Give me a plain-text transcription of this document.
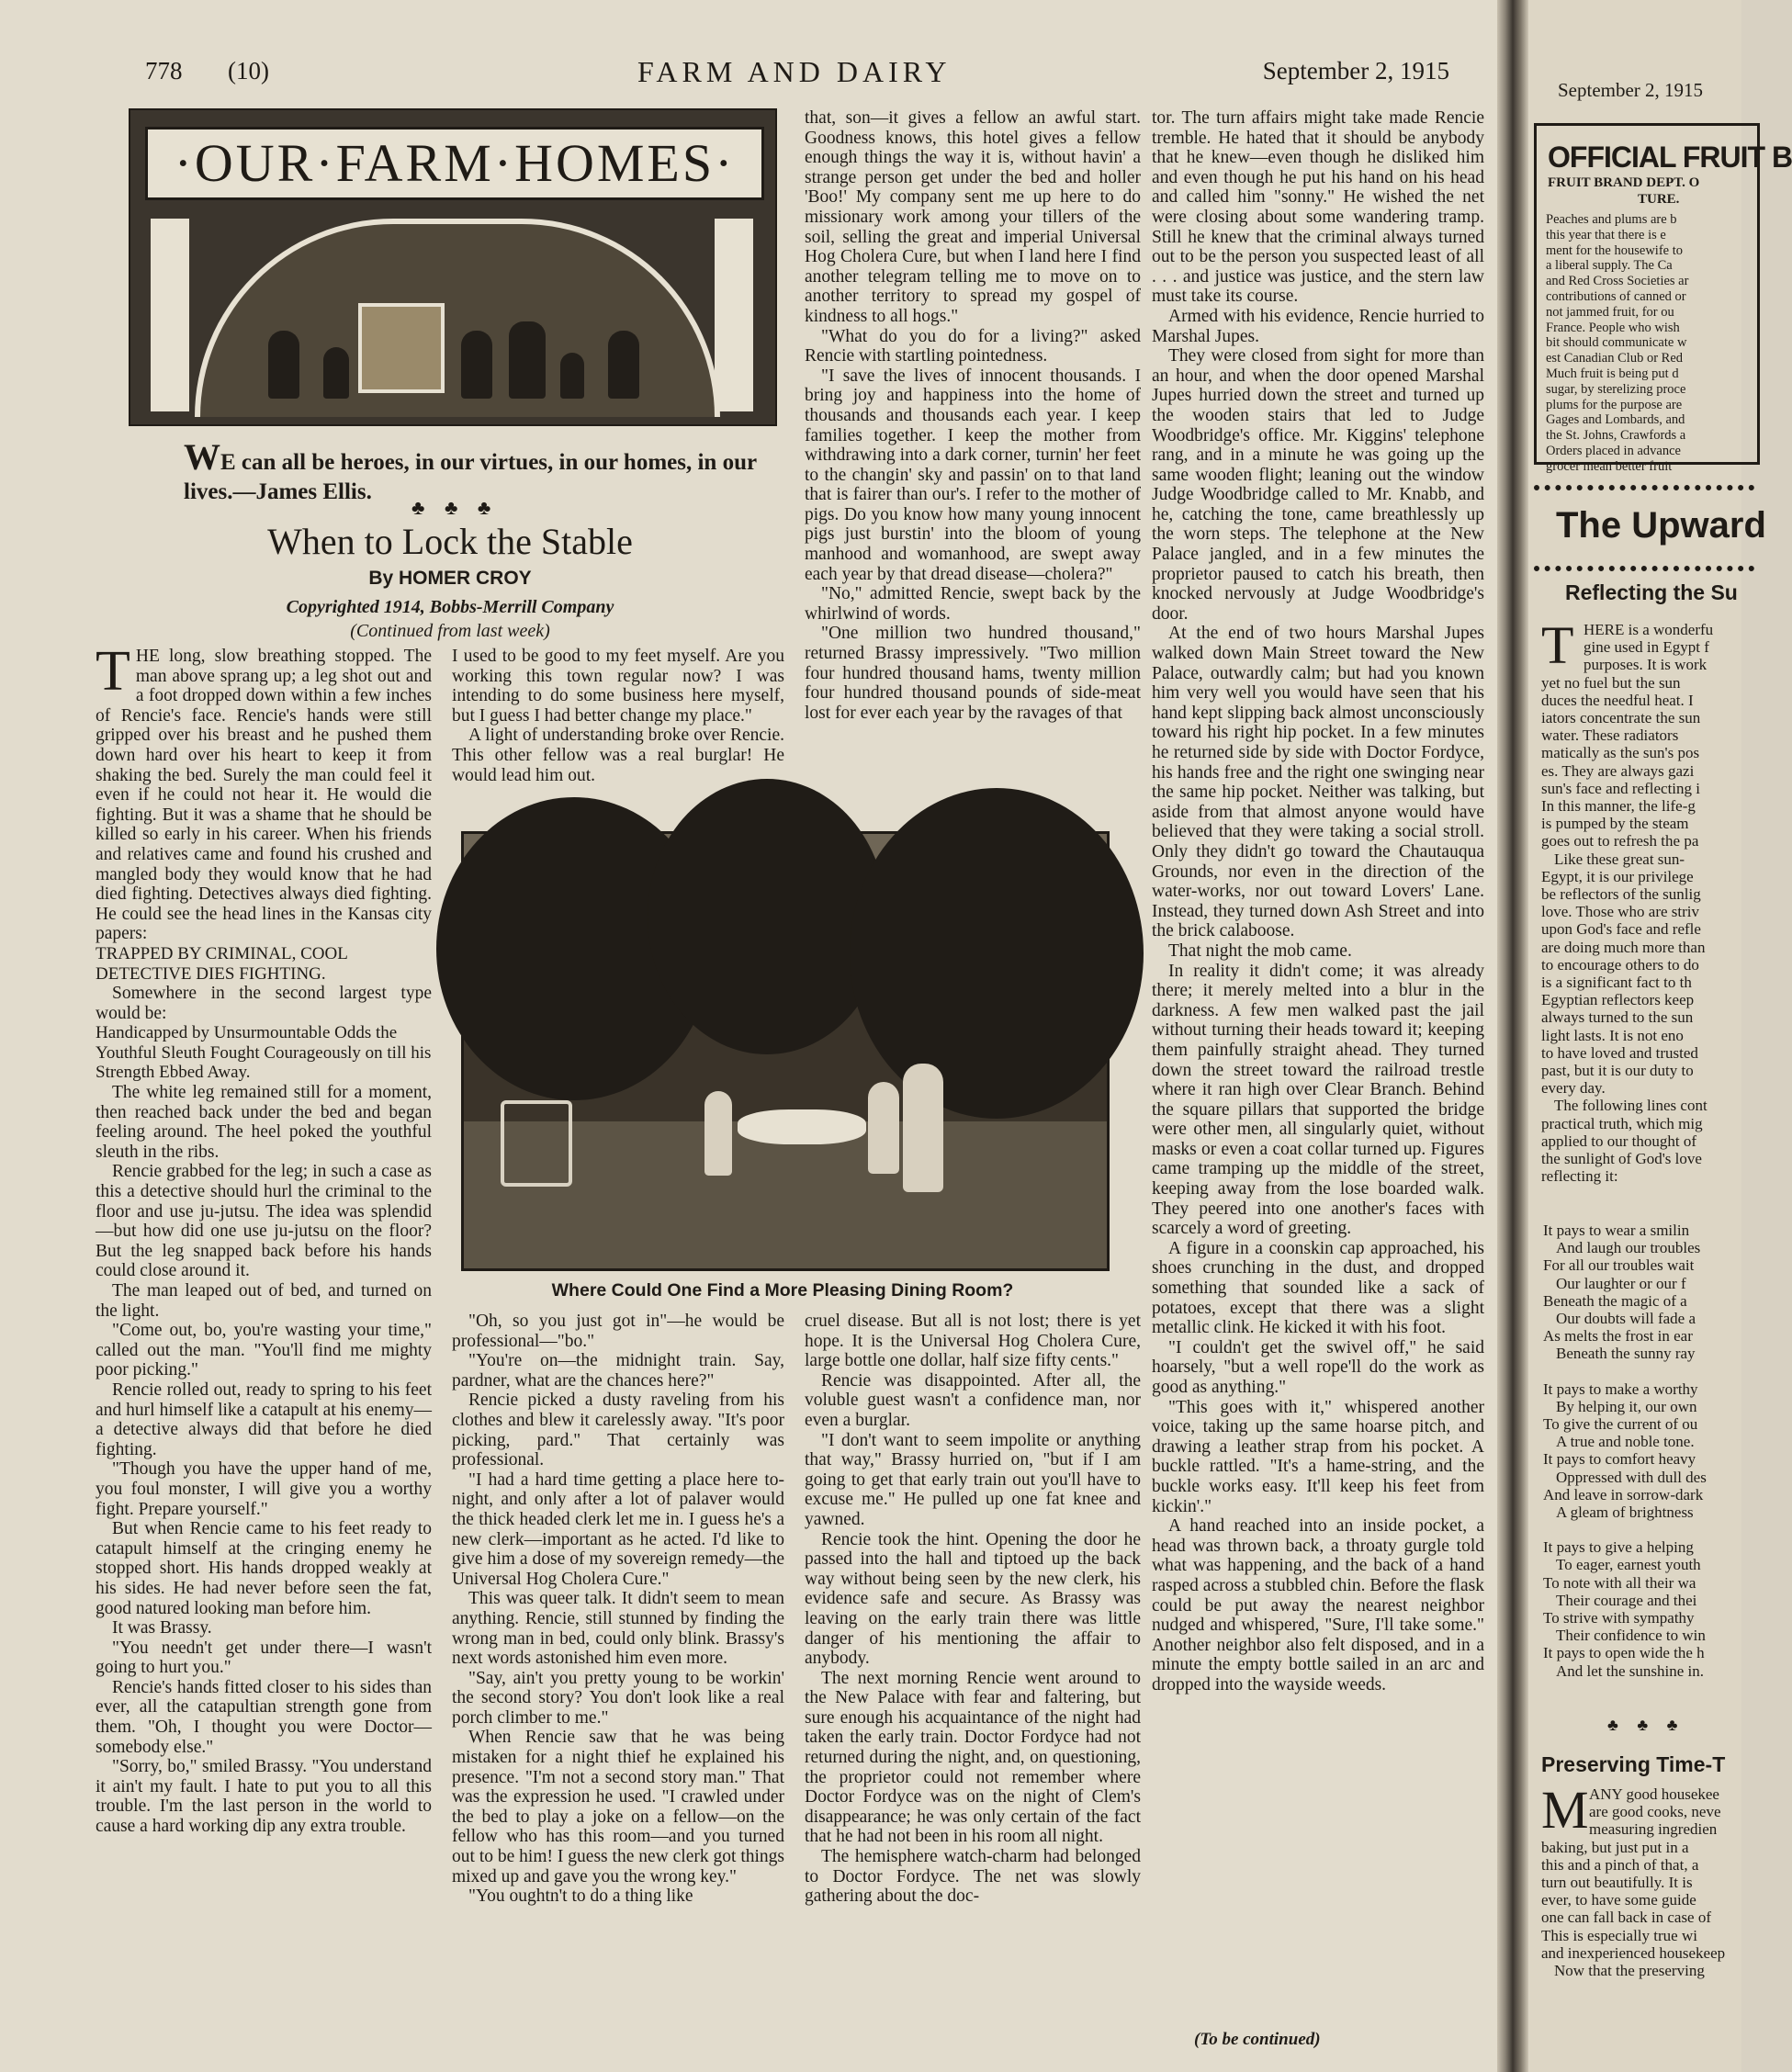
778 (10)	FARM AND DAIRY	September 2, 1915
·OUR·FARM·HOMES·
WE can all be heroes, in our virtues, in our homes, in our lives.—James Ellis.
♣ ♣ ♣
When to Lock the Stable
By HOMER CROY
Copyrighted 1914, Bobbs-Merrill Company
(Continued from last week)
T HE long, slow breathing stopped. The man above sprang up; a leg shot out and a foot dropped down within a few inches of Rencie's face. Rencie's hands were still gripped over his breast and he pushed them down hard over his heart to keep it from shaking the bed. Surely the man could feel it even if he could not hear it. He would die fighting. But it was a shame that he should be killed so early in his career. When his friends and relatives came and found his crushed and mangled body they would know that he had died fighting. Detectives always died fighting. He could see the head lines in the Kansas city papers:

TRAPPED BY CRIMINAL, COOL DETECTIVE DIES FIGHTING.

Somewhere in the second largest type would be:

Handicapped by Unsurmountable Odds the Youthful Sleuth Fought Courageously on till his Strength Ebbed Away.

The white leg remained still for a moment, then reached back under the bed and began feeling around. The heel poked the youthful sleuth in the ribs.

Rencie grabbed for the leg; in such a case as this a detective should hurl the criminal to the floor and use ju-jutsu. The idea was splendid—but how did one use ju-jutsu on the floor? But the leg snapped back before his hands could close around it.

The man leaped out of bed, and turned on the light.

"Come out, bo, you're wasting your time," called out the man. "You'll find me mighty poor picking."

Rencie rolled out, ready to spring to his feet and hurl himself like a catapult at his enemy—a detective always did that before he died fighting.

"Though you have the upper hand of me, you foul monster, I will give you a worthy fight. Prepare yourself."

But when Rencie came to his feet ready to catapult himself at the cringing enemy he stopped short. His hands dropped weakly at his sides. He had never before seen the fat, good natured looking man before him.

It was Brassy.

"You needn't get under there—I wasn't going to hurt you."

Rencie's hands fitted closer to his sides than ever, all the catapultian strength gone from them. "Oh, I thought you were Doctor—somebody else."

"Sorry, bo," smiled Brassy. "You understand it ain't my fault. I hate to put you to all this trouble. I'm the last person in the world to cause a hard working dip any extra trouble.

I used to be good to my feet myself. Are you working this town regular now? I was intending to do some business here myself, but I guess I had better change my place."

A light of understanding broke over Rencie. This other fellow was a real burglar! He would lead him out.

that, son—it gives a fellow an awful start. Goodness knows, this hotel gives a fellow enough things the way it is, without havin' a strange person get under the bed and holler 'Boo!' My company sent me up here to do missionary work among your tillers of the soil, selling the great and imperial Universal Hog Cholera Cure, but when I land here I find another telegram telling me to move on to another territory to spread my gospel of kindness to all hogs."

"What do you do for a living?" asked Rencie with startling pointedness.

"I save the lives of innocent thousands. I bring joy and happiness into the home of thousands and thousands each year. I keep families together. I keep the mother from withdrawing into a dark corner, turnin' her feet to the changin' sky and passin' on to that land that is fairer than our's. I refer to the mother of pigs. Do you know how many young innocent pigs just burstin' into the bloom of young manhood and womanhood, are swept away each year by that dread disease—cholera?"

"No," admitted Rencie, swept back by the whirlwind of words.

"One million two hundred thousand," returned Brassy impressively. "Two million four hundred thousand hams, twenty million four hundred thousand pounds of side-meat lost for ever each year by the ravages of that

Where Could One Find a More Pleasing Dining Room?

"Oh, so you just got in"—he would be professional—"bo."

"You're on—the midnight train. Say, pardner, what are the chances here?"

Rencie picked a dusty raveling from his clothes and blew it carelessly away. "It's poor picking, pard." That certainly was professional.

"I had a hard time getting a place here to-night, and only after a lot of palaver would the thick headed clerk let me in. I guess he's a new clerk—important as he acted. I'd like to give him a dose of my sovereign remedy—the Universal Hog Cholera Cure."

This was queer talk. It didn't seem to mean anything. Rencie, still stunned by finding the wrong man in bed, could only blink. Brassy's next words astonished him even more.

"Say, ain't you pretty young to be workin' the second story? You don't look like a real porch climber to me."

When Rencie saw that he was being mistaken for a night thief he explained his presence. "I'm not a second story man." That was the expression he used. "I crawled under the bed to play a joke on a fellow—on the fellow who has this room—and you turned out to be him! I guess the new clerk got things mixed up and gave you the wrong key."

"You oughtn't to do a thing like

cruel disease. But all is not lost; there is yet hope. It is the Universal Hog Cholera Cure, large bottle one dollar, half size fifty cents."

Rencie was disappointed. After all, the voluble guest wasn't a confidence man, nor even a burglar.

"I don't want to seem impolite or anything that way," Brassy hurried on, "but if I am going to get that early train out you'll have to excuse me." He pulled up one fat knee and yawned.

Rencie took the hint. Opening the door he passed into the hall and tiptoed up the back way without being seen by the new clerk, his evidence safe and secure. As Brassy was leaving on the early train there was little danger of his mentioning the affair to anybody.

The next morning Rencie went around to the New Palace with fear and faltering, but sure enough his acquaintance of the night had taken the early train. Doctor Fordyce had not returned during the night, and, on questioning, the proprietor could not remember where Doctor Fordyce was on the night of Clem's disappearance; he was only certain of the fact that he had not been in his room all night.

The hemisphere watch-charm had belonged to Doctor Fordyce. The net was slowly gathering about the doc-

tor. The turn affairs might take made Rencie tremble. He hated that it should be anybody that he knew—even though he disliked him and even though he put his hand on his head and called him "sonny." He wished the net were closing about some wandering tramp. Still he knew that the criminal always turned out to be the person you suspected least of all . . . and justice was justice, and the stern law must take its course.

Armed with his evidence, Rencie hurried to Marshal Jupes.

They were closed from sight for more than an hour, and when the door opened Marshal Jupes hurried down the street and turned up the wooden stairs that led to Judge Woodbridge's office. Mr. Kiggins' telephone rang, and in a minute he was going up the same wooden flight; leaning out the window Judge Woodbridge called to Mr. Knabb, and he, catching the tone, came breathlessly up the worn steps. The telephone at the New Palace jangled, and in a few minutes the proprietor paused to catch his breath, then knocked nervously at Judge Woodbridge's door.

At the end of two hours Marshal Jupes walked down Main Street toward the New Palace, outwardly calm; but had you known him very well you would have seen that his hand kept slipping back almost unconsciously toward his right hip pocket. In a few minutes he returned side by side with Doctor Fordyce, his hands free and the right one swinging near the same hip pocket. Neither was talking, but aside from that almost anyone would have believed that they were taking a social stroll. Only they didn't go toward the Chautauqua Grounds, nor even in the direction of the water-works, nor out toward Lovers' Lane. Instead, they turned down Ash Street and into the brick calaboose.

That night the mob came.

In reality it didn't come; it was already there; it merely melted into a blur in the darkness. A few men walked past the jail without turning their heads toward it; keeping them painfully straight ahead. They turned down the street toward the railroad trestle where it ran high over Clear Branch. Behind the square pillars that supported the bridge were other men, all singularly quiet, without masks or even a coat collar turned up. Figures came tramping up the middle of the street, keeping away from the lose boarded walk. They peered into one another's faces with scarcely a word of greeting.

A figure in a coonskin cap approached, his shoes crunching in the dust, and dropped something that sounded like a sack of potatoes, except that there was a slight metallic clink. He kicked it with his foot.

"I couldn't get the swivel off," he said hoarsely, "but a well rope'll do the work as good as anything."

"This goes with it," whispered another voice, taking up the same hoarse pitch, and drawing a leather strap from his pocket. A buckle rattled. "It's a hame-string, and the buckle works easy. It'll keep his feet from kickin'."

A hand reached into an inside pocket, a head was thrown back, a throaty gurgle told what was happening, and the back of a hand rasped across a stubbled chin. Before the flask could be put away the nearest neighbor nudged and whispered, "Sure, I'll take some." Another neighbor also felt disposed, and in a minute the empty bottle sailed in an arc and dropped into the wayside weeds.

(To be continued)
September 2, 1915
OFFICIAL FRUIT B
FRUIT BRAND DEPT. O
TURE.
Peaches and plums are b
this year that there is e
ment for the housewife to
a liberal supply. The Ca
and Red Cross Societies ar
contributions of canned or
not jammed fruit, for ou
France. People who wish
bit should communicate w
est Canadian Club or Red
Much fruit is being put d
sugar, by sterelizing proce
plums for the purpose are
Gages and Lombards, and
the St. Johns, Crawfords a
Orders placed in advance
grocer mean better fruit
The Upward
Reflecting the Su
T HERE is a wonderfu

gine used in Egypt f

purposes. It is work

yet no fuel but the sun

duces the needful heat. I

iators concentrate the sun

water. These radiators

matically as the sun's pos

es. They are always gazi

sun's face and reflecting i

In this manner, the life-g

is pumped by the steam

goes out to refresh the pa

Like these great sun-

Egypt, it is our privilege

be reflectors of the sunlig

love. Those who are striv

upon God's face and refle

are doing much more than

to encourage others to do

is a significant fact to th

Egyptian reflectors keep

always turned to the sun

light lasts. It is not eno

to have loved and trusted

past, but it is our duty to

every day.

The following lines cont

practical truth, which mig

applied to our thought of

the sunlight of God's love

reflecting it:

It pays to wear a smilin

And laugh our troubles

For all our troubles wait

Our laughter or our f

Beneath the magic of a

Our doubts will fade a

As melts the frost in ear

Beneath the sunny ray

It pays to make a worthy

By helping it, our own

To give the current of ou

A true and noble tone.

It pays to comfort heavy

Oppressed with dull des

And leave in sorrow-dark

A gleam of brightness

It pays to give a helping

To eager, earnest youth

To note with all their wa

Their courage and thei

To strive with sympathy

Their confidence to win

It pays to open wide the h

And let the sunshine in.

♣ ♣ ♣
Preserving Time-T
M ANY good housekee

are good cooks, neve

measuring ingredien

baking, but just put in a

this and a pinch of that, a

turn out beautifully. It is

ever, to have some guide

one can fall back in case of

This is especially true wi

and inexperienced housekeep

Now that the preserving
